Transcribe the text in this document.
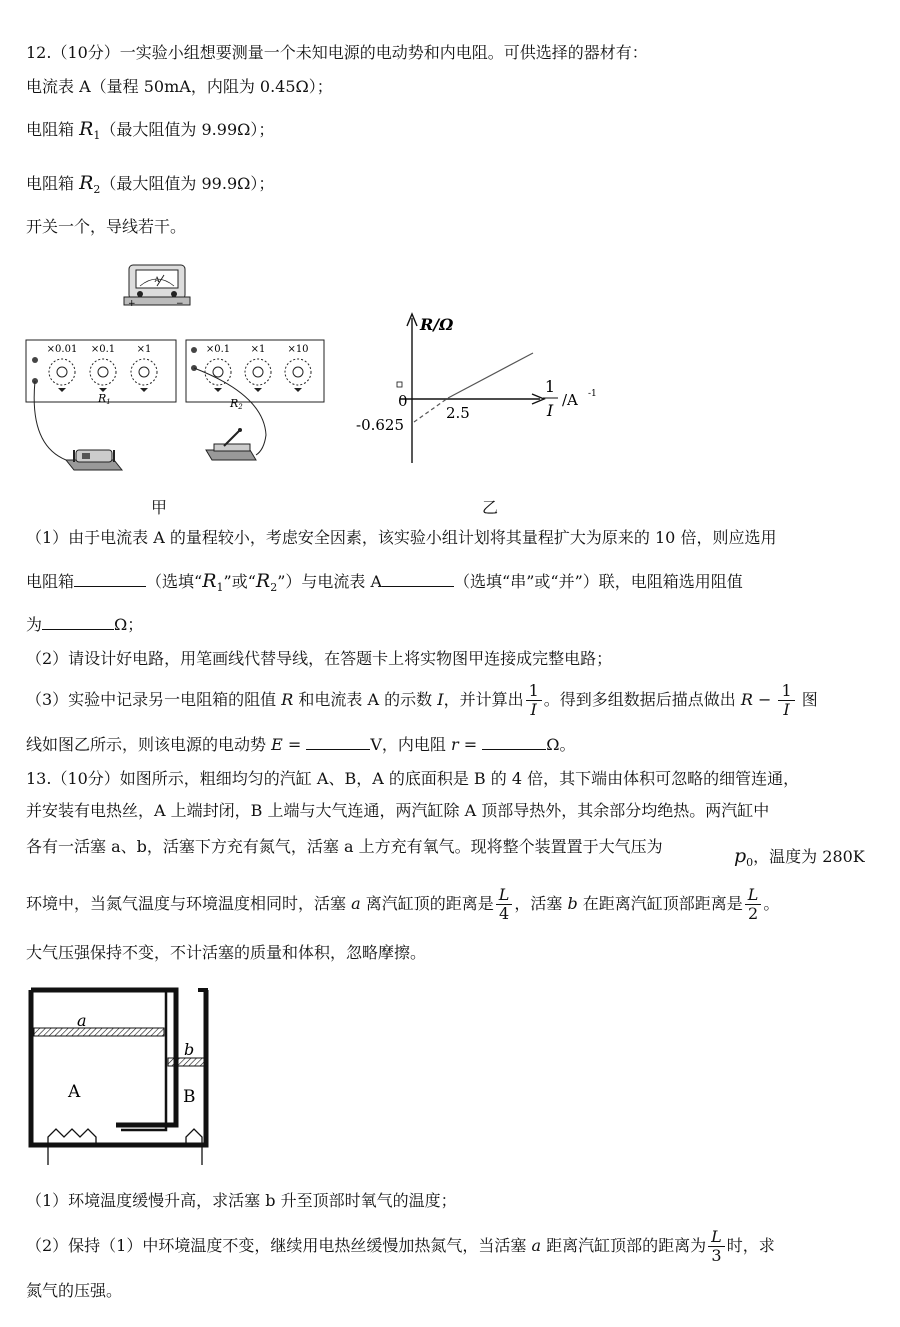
12.（10分）一实验小组想要测量一个未知电源的电动势和内电阻。可供选择的器材有：
电流表 A（量程 50mA，内阻为 0.45Ω）；
电阻箱 $R_1$（最大阻值为 9.99Ω）；
电阻箱 $R_2$（最大阻值为 99.9Ω）；
开关一个，导线若干。
A
+	−
×0.01 ×0.1 ×1
R1
×0.1 ×1 ×10
R2
甲
R/Ω
0
2.5
-0.625
1
I
/A -1
乙
（1）由于电流表 A 的量程较小，考虑安全因素，该实验小组计划将其量程扩大为原来的 10 倍，则应选用
电阻箱	（选填“$R_1$”或“$R_2$”）与电流表 A	（选填“串”或“并”）联，电阻箱选用阻值
为	Ω；
（2）请设计好电路，用笔画线代替导线，在答题卡上将实物图甲连接成完整电路；
（3）实验中记录另一电阻箱的阻值 R 和电流表 A 的示数 I，并计算出 $\frac{1}{I}$ 。得到多组数据后描点做出 $R - \frac{1}{I}$ 图
线如图乙所示，则该电源的电动势 E =	V，内电阻 r =	Ω。
13.（10分）如图所示，粗细均匀的汽缸 A、B，A 的底面积是 B 的 4 倍，其下端由体积可忽略的细管连通，
并安装有电热丝，A 上端封闭，B 上端与大气连通，两汽缸除 A 顶部导热外，其余部分均绝热。两汽缸中
各有一活塞 a、b，活塞下方充有氮气，活塞 a 上方充有氧气。现将整个装置置于大气压为	$p_0$，温度为 280K
环境中，当氮气温度与环境温度相同时，活塞 a 离汽缸顶的距离是 $\frac{L}{4}$ ，活塞 b 在距离汽缸顶部距离是 $\frac{L}{2}$ 。
大气压强保持不变，不计活塞的质量和体积，忽略摩擦。
a
b
A	B
（1）环境温度缓慢升高，求活塞 b 升至顶部时氧气的温度；
（2）保持（1）中环境温度不变，继续用电热丝缓慢加热氮气，当活塞 a 距离汽缸顶部的距离为 $\frac{L}{3}$ 时，求
氮气的压强。
